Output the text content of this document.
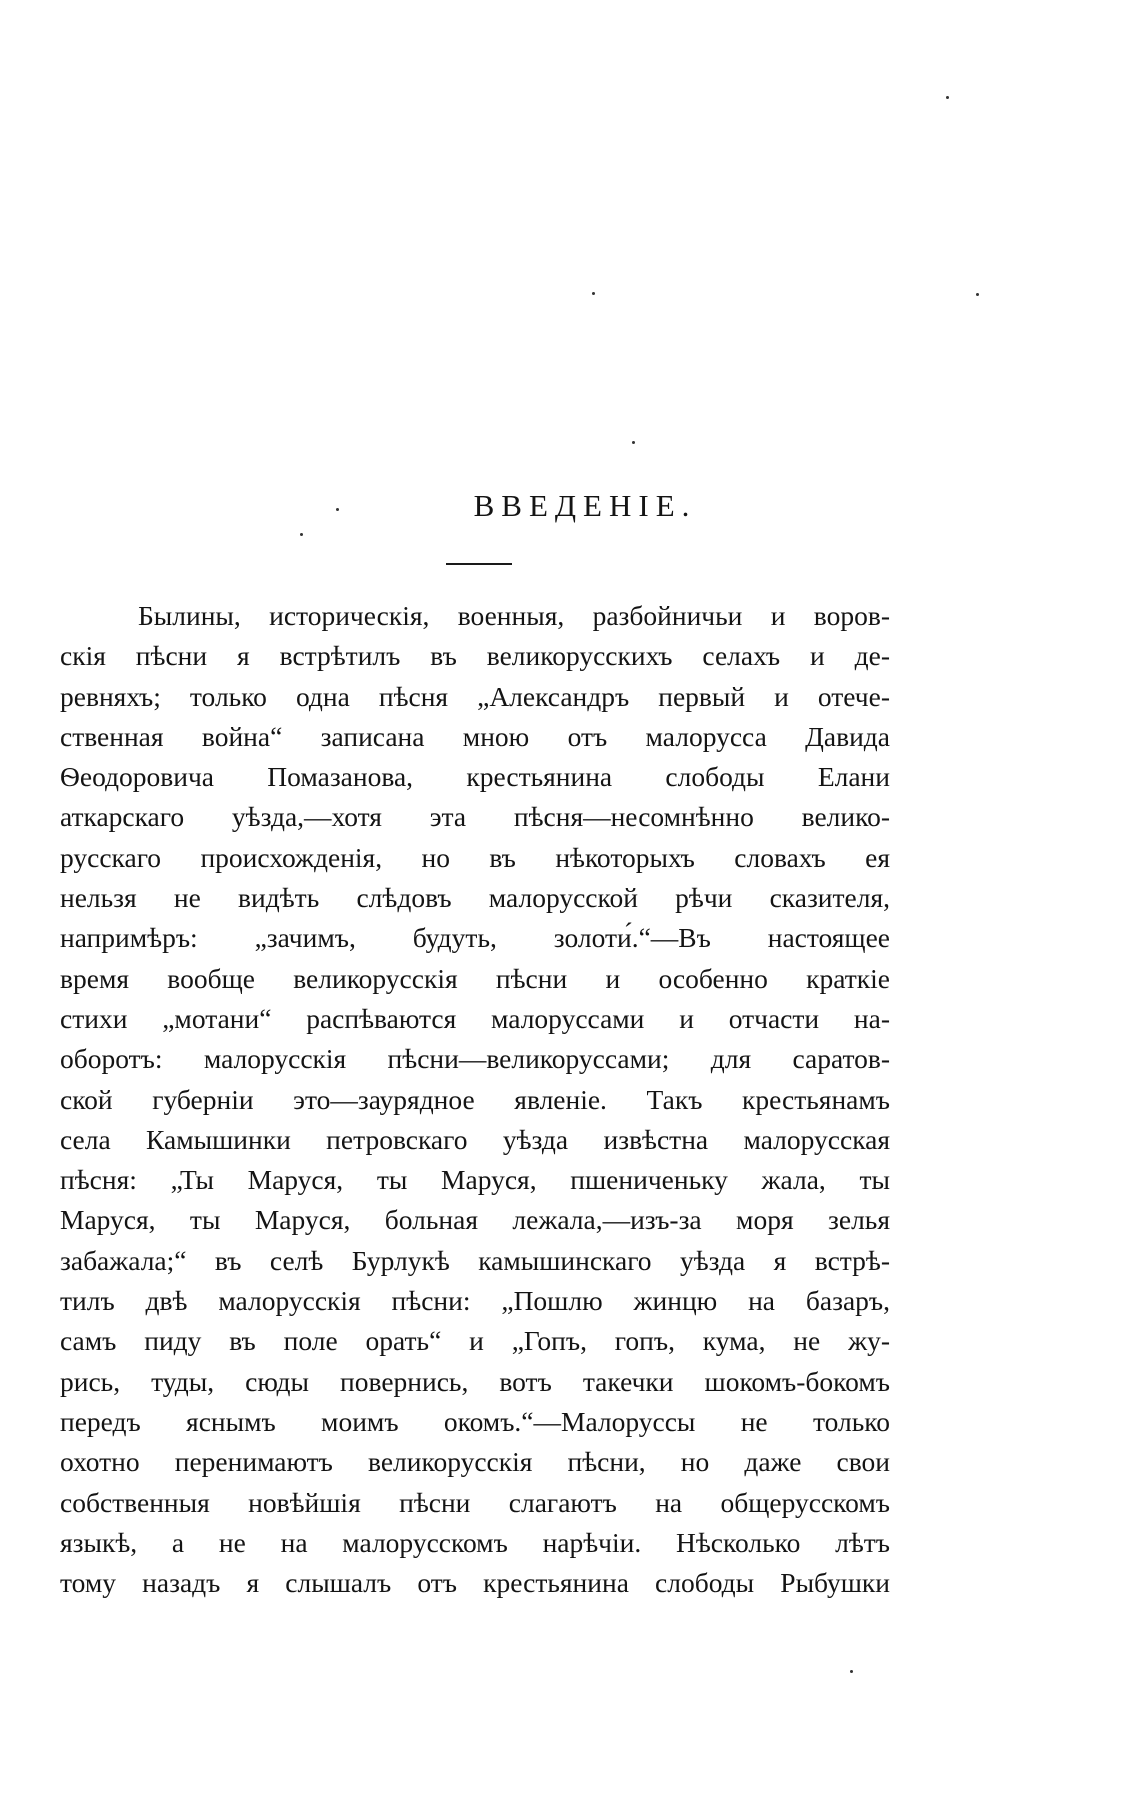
ВВЕДЕНІЕ.
Былины, историческія, военныя, разбойничьи и воров-
скія пѣсни я встрѣтилъ въ великорусскихъ селахъ и де-
ревняхъ; только одна пѣсня „Александръ первый и отече-
ственная война“ записана мною отъ малорусса Давида
Ѳеодоровича Помазанова, крестьянина слободы Елани
аткарскаго уѣзда,—хотя эта пѣсня—несомнѣнно велико-
русскаго происхожденія, но въ нѣкоторыхъ словахъ ея
нельзя не видѣть слѣдовъ малорусской рѣчи сказителя,
напримѣръ: „зачимъ, будуть, золоти́.“—Въ настоящее
время вообще великорусскія пѣсни и особенно краткіе
стихи „мотани“ распѣваются малоруссами и отчасти на-
оборотъ: малорусскія пѣсни—великоруссами; для саратов-
ской губерніи это—заурядное явленіе. Такъ крестьянамъ
села Камышинки петровскаго уѣзда извѣстна малорусская
пѣсня: „Ты Маруся, ты Маруся, пшениченьку жала, ты
Маруся, ты Маруся, больная лежала,—изъ-за моря зелья
забажала;“ въ селѣ Бурлукѣ камышинскаго уѣзда я встрѣ-
тилъ двѣ малорусскія пѣсни: „Пошлю жинцю на базаръ,
самъ пиду въ поле орать“ и „Гопъ, гопъ, кума, не жу-
рись, туды, сюды повернись, вотъ такечки шокомъ-бокомъ
передъ яснымъ моимъ окомъ.“—Малоруссы не только
охотно перенимаютъ великорусскія пѣсни, но даже свои
собственныя новѣйшія пѣсни слагаютъ на общерусскомъ
языкѣ, а не на малорусскомъ нарѣчіи. Нѣсколько лѣтъ
тому назадъ я слышалъ отъ крестьянина слободы Рыбушки
